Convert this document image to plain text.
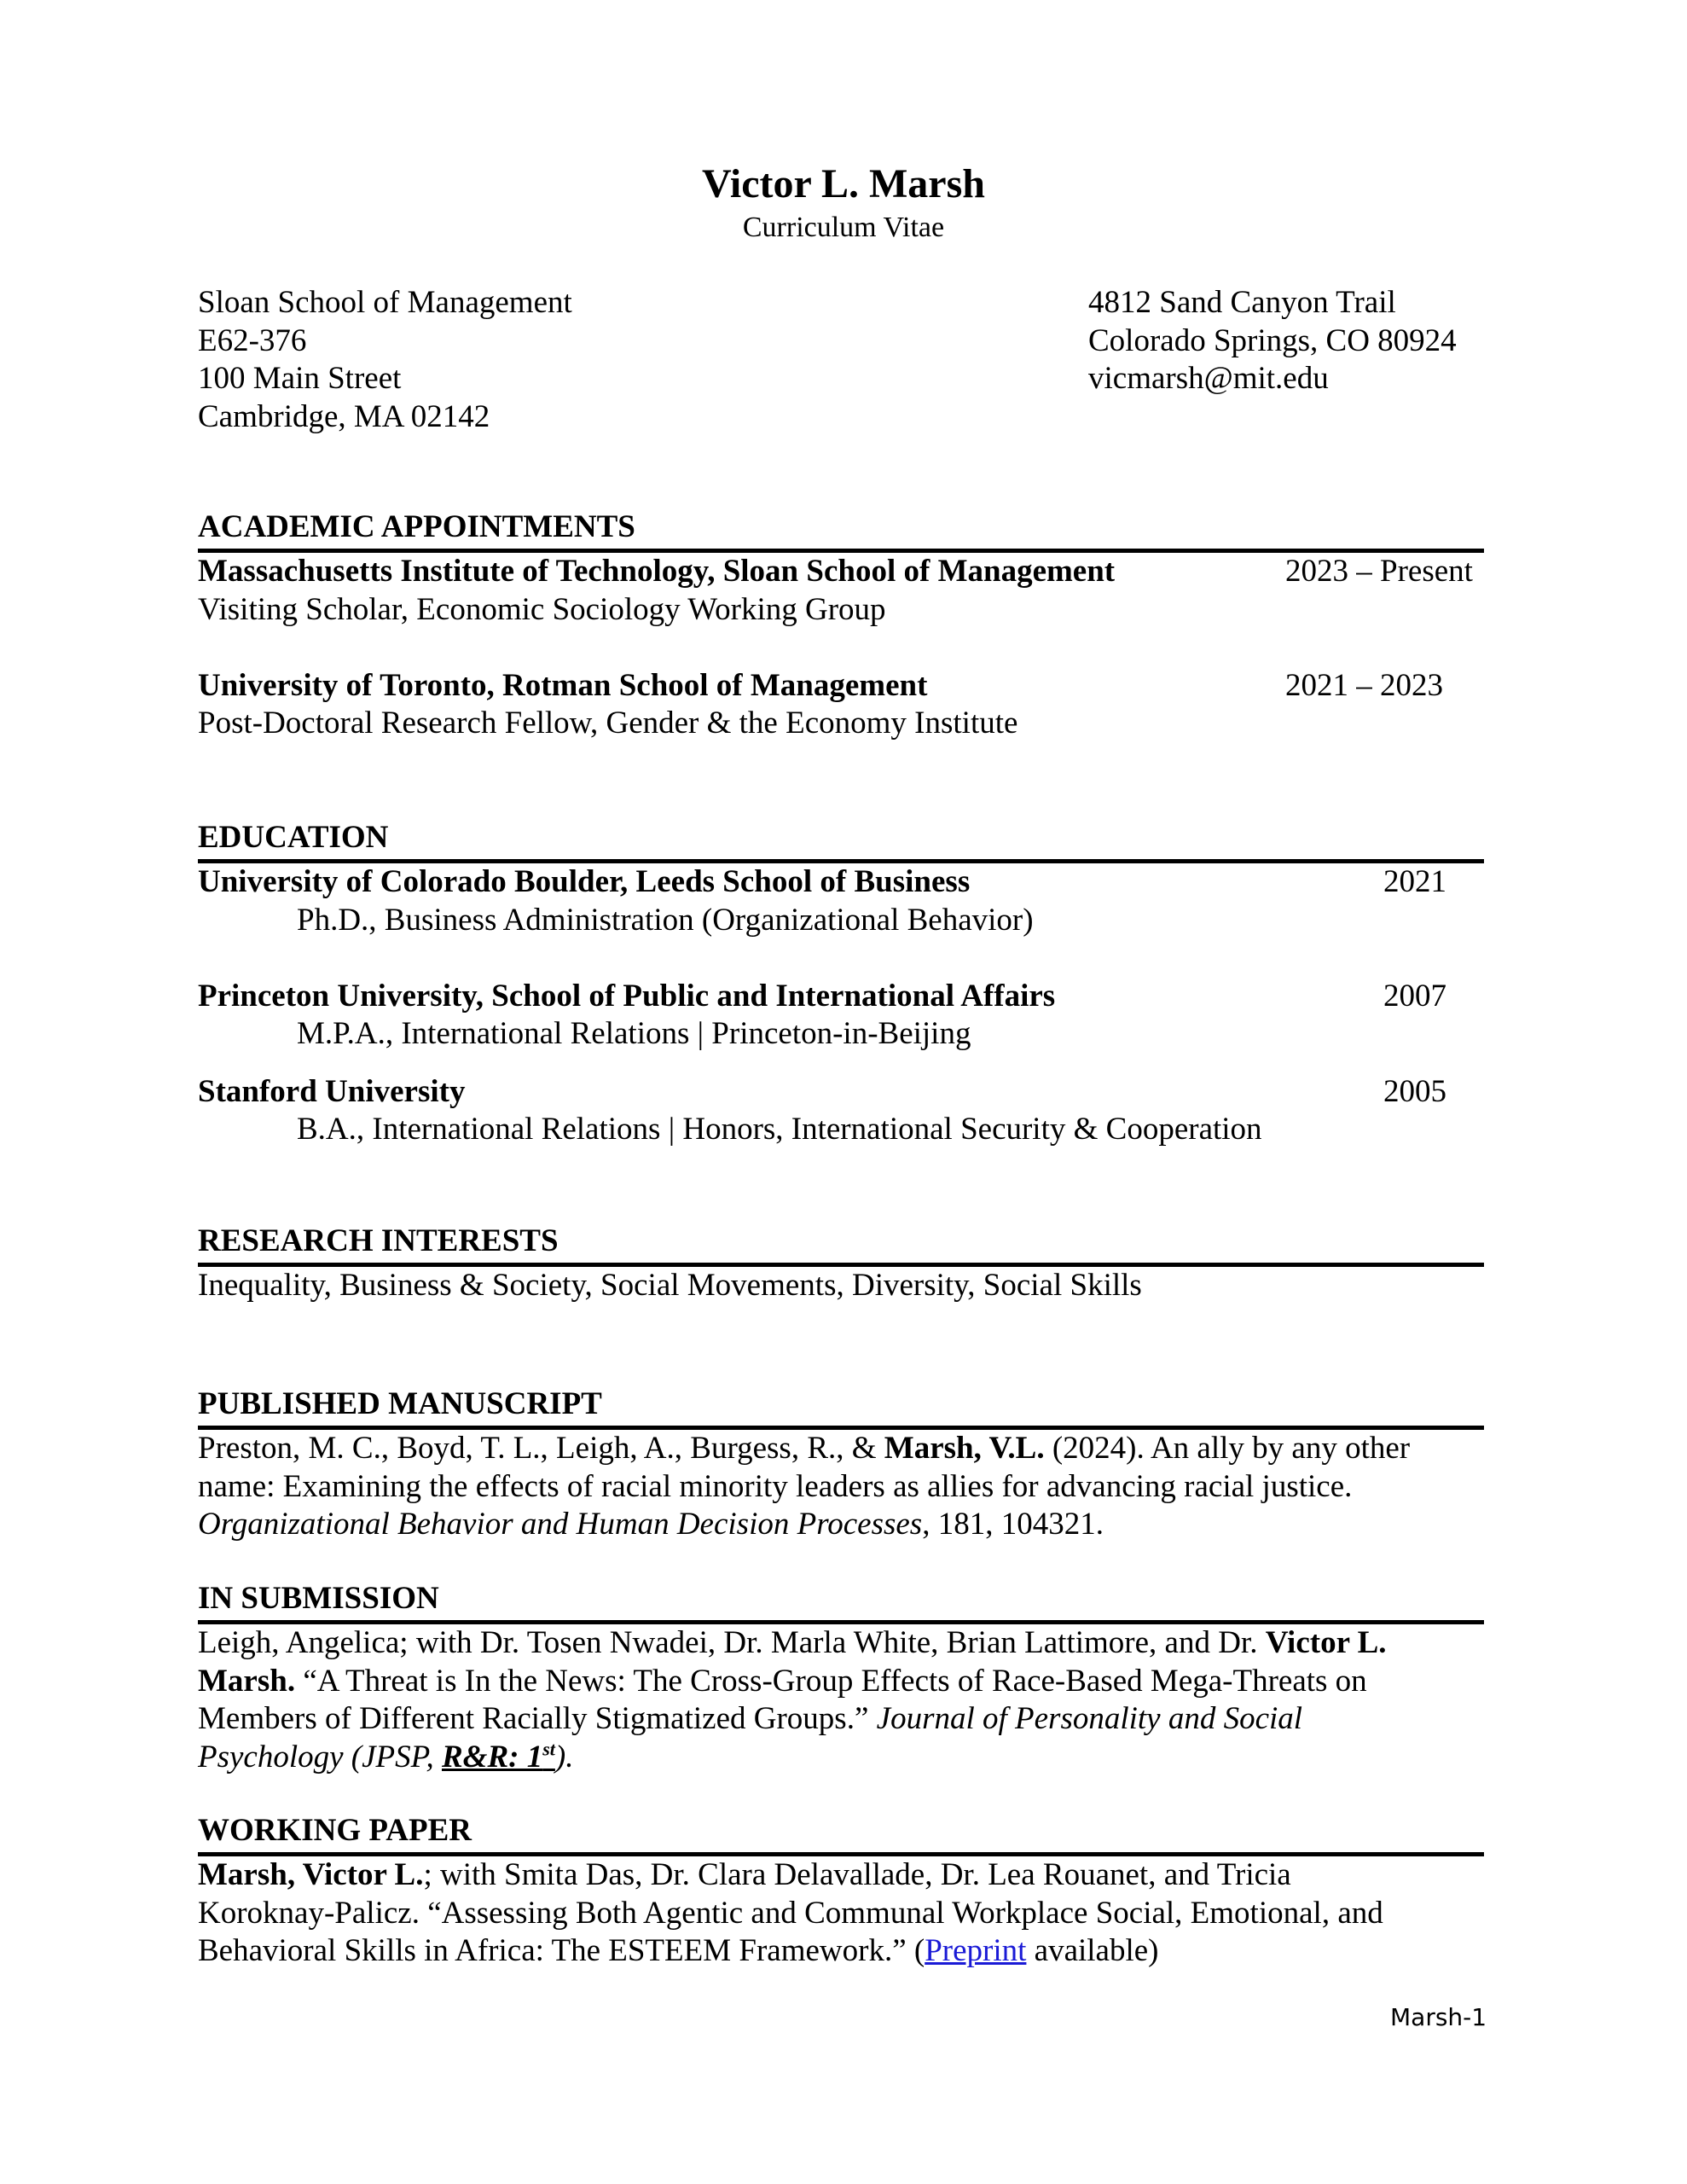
Victor L. Marsh
Curriculum Vitae
Sloan School of Management
E62-376
100 Main Street
Cambridge, MA 02142
4812 Sand Canyon Trail
Colorado Springs, CO 80924
vicmarsh@mit.edu
ACADEMIC APPOINTMENTS
Massachusetts Institute of Technology, Sloan School of Management	2023 – Present
Visiting Scholar, Economic Sociology Working Group
University of Toronto, Rotman School of Management	2021 – 2023
Post-Doctoral Research Fellow, Gender & the Economy Institute
EDUCATION
University of Colorado Boulder, Leeds School of Business	2021
Ph.D., Business Administration (Organizational Behavior)
Princeton University, School of Public and International Affairs	2007
M.P.A., International Relations | Princeton-in-Beijing
Stanford University	2005
B.A., International Relations | Honors, International Security & Cooperation
RESEARCH INTERESTS
Inequality, Business & Society, Social Movements, Diversity, Social Skills
PUBLISHED MANUSCRIPT
Preston, M. C., Boyd, T. L., Leigh, A., Burgess, R., & Marsh, V.L. (2024). An ally by any other
name: Examining the effects of racial minority leaders as allies for advancing racial justice.
Organizational Behavior and Human Decision Processes, 181, 104321.
IN SUBMISSION
Leigh, Angelica; with Dr. Tosen Nwadei, Dr. Marla White, Brian Lattimore, and Dr. Victor L.
Marsh. “A Threat is In the News: The Cross-Group Effects of Race-Based Mega-Threats on
Members of Different Racially Stigmatized Groups.” Journal of Personality and Social
Psychology (JPSP, R&R: 1st).
WORKING PAPER
Marsh, Victor L.; with Smita Das, Dr. Clara Delavallade, Dr. Lea Rouanet, and Tricia
Koroknay-Palicz. “Assessing Both Agentic and Communal Workplace Social, Emotional, and
Behavioral Skills in Africa: The ESTEEM Framework.” (Preprint available)
Marsh-1
